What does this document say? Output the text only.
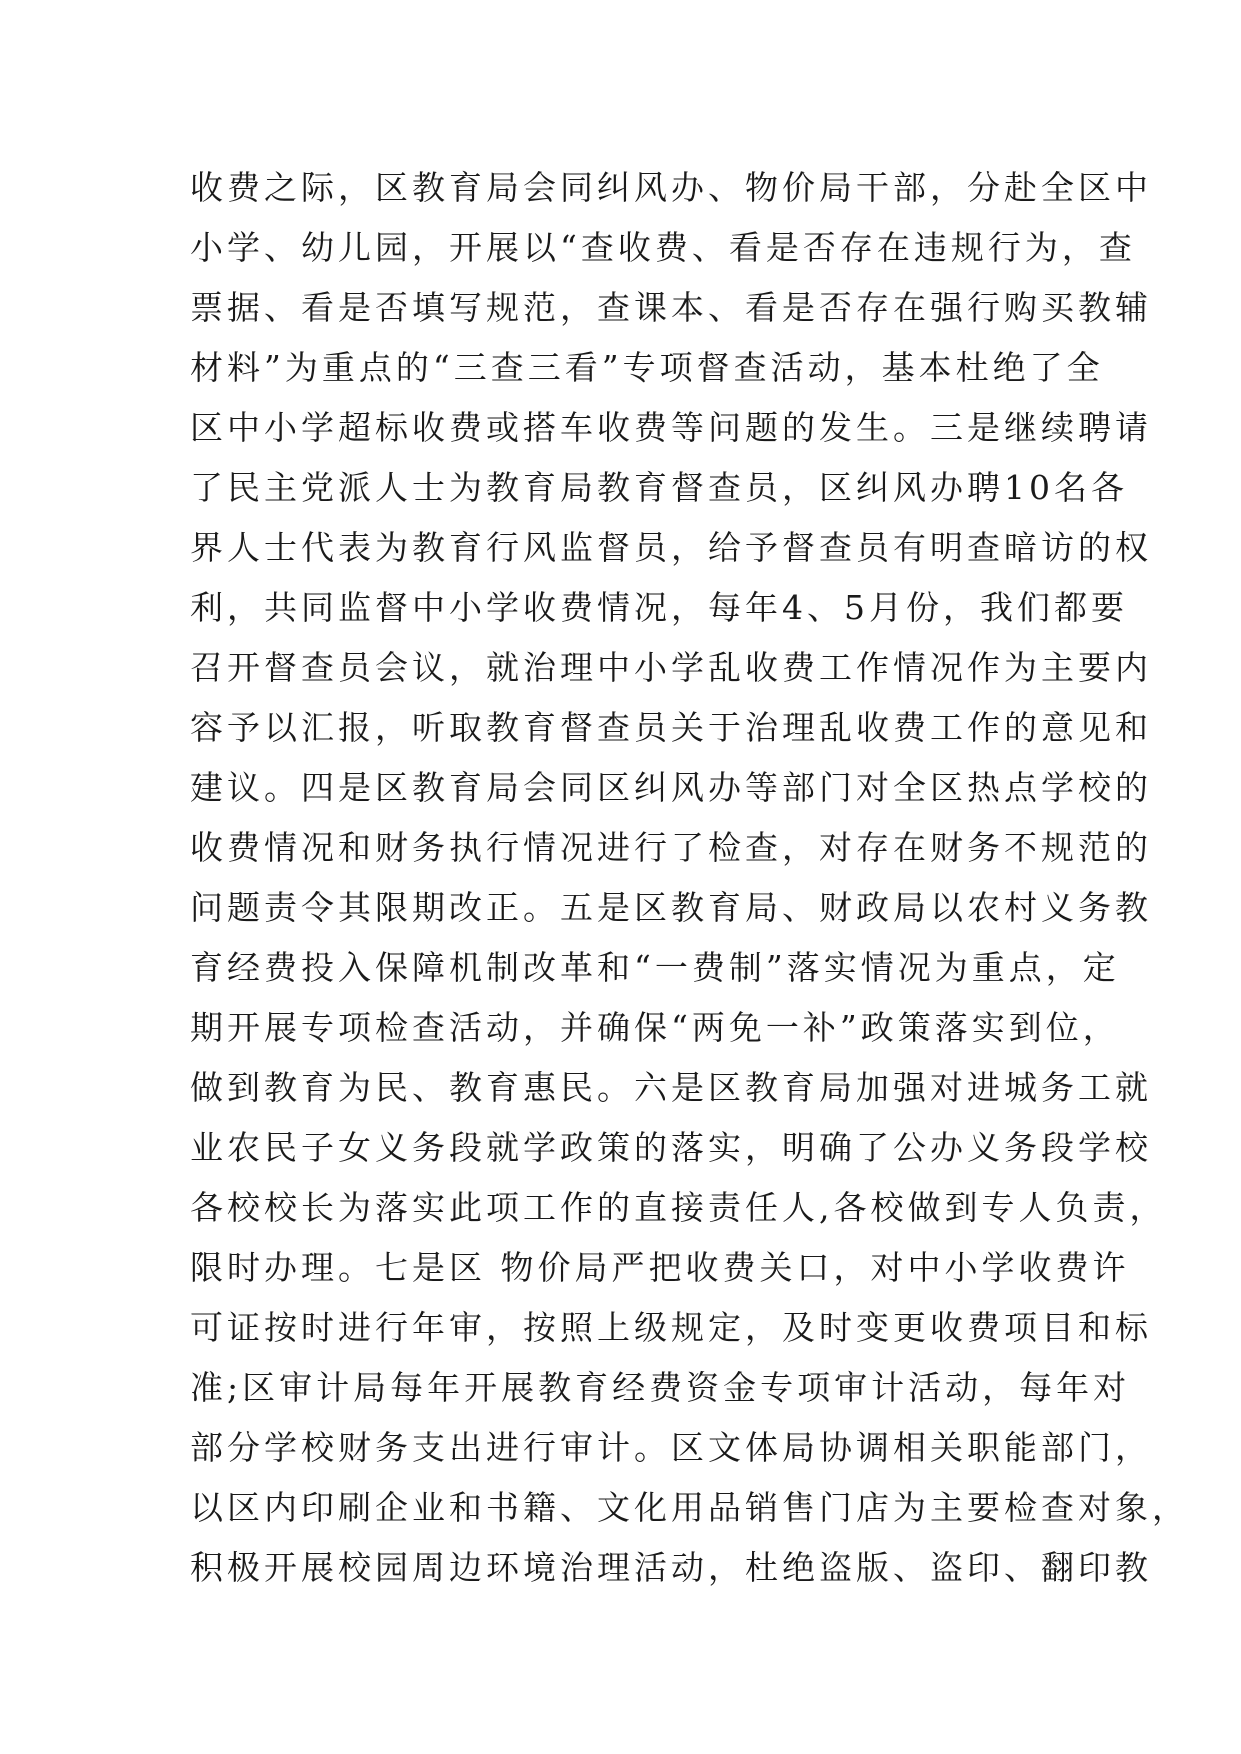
收费之际，区教育局会同纠风办、物价局干部，分赴全区中
小学、幼儿园，开展以“查收费、看是否存在违规行为，查
票据、看是否填写规范，查课本、看是否存在强行购买教辅
材料”为重点的“三查三看”专项督查活动，基本杜绝了全
区中小学超标收费或搭车收费等问题的发生。三是继续聘请
了民主党派人士为教育局教育督查员，区纠风办聘10名各
界人士代表为教育行风监督员，给予督查员有明查暗访的权
利，共同监督中小学收费情况，每年4、5月份，我们都要
召开督查员会议，就治理中小学乱收费工作情况作为主要内
容予以汇报，听取教育督查员关于治理乱收费工作的意见和
建议。四是区教育局会同区纠风办等部门对全区热点学校的
收费情况和财务执行情况进行了检查，对存在财务不规范的
问题责令其限期改正。五是区教育局、财政局以农村义务教
育经费投入保障机制改革和“一费制”落实情况为重点，定
期开展专项检查活动，并确保“两免一补”政策落实到位，
做到教育为民、教育惠民。六是区教育局加强对进城务工就
业农民子女义务段就学政策的落实，明确了公办义务段学校
各校校长为落实此项工作的直接责任人,各校做到专人负责，
限时办理。七是区 物价局严把收费关口，对中小学收费许
可证按时进行年审，按照上级规定，及时变更收费项目和标
准;区审计局每年开展教育经费资金专项审计活动，每年对
部分学校财务支出进行审计。区文体局协调相关职能部门，
以区内印刷企业和书籍、文化用品销售门店为主要检查对象，
积极开展校园周边环境治理活动，杜绝盗版、盗印、翻印教
